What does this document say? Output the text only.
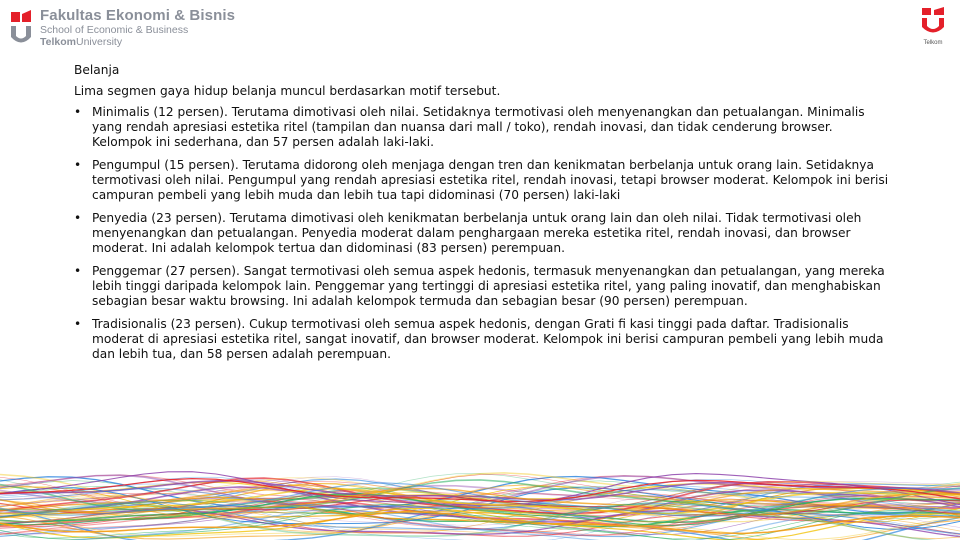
Fakultas Ekonomi & Bisnis
School of Economic & Business
TelkomUniversity	Telkom
Belanja
Lima segmen gaya hidup belanja muncul berdasarkan motif tersebut.
• Minimalis (12 persen). Terutama dimotivasi oleh nilai. Setidaknya termotivasi oleh menyenangkan dan petualangan. Minimalis yang rendah apresiasi estetika ritel (tampilan dan nuansa dari mall / toko), rendah inovasi, dan tidak cenderung browser. Kelompok ini sederhana, dan 57 persen adalah laki-laki.
• Pengumpul (15 persen). Terutama didorong oleh menjaga dengan tren dan kenikmatan berbelanja untuk orang lain. Setidaknya termotivasi oleh nilai. Pengumpul yang rendah apresiasi estetika ritel, rendah inovasi, tetapi browser moderat. Kelompok ini berisi campuran pembeli yang lebih muda dan lebih tua tapi didominasi (70 persen) laki-laki
• Penyedia (23 persen). Terutama dimotivasi oleh kenikmatan berbelanja untuk orang lain dan oleh nilai. Tidak termotivasi oleh menyenangkan dan petualangan. Penyedia moderat dalam penghargaan mereka estetika ritel, rendah inovasi, dan browser moderat. Ini adalah kelompok tertua dan didominasi (83 persen) perempuan.
• Penggemar (27 persen). Sangat termotivasi oleh semua aspek hedonis, termasuk menyenangkan dan petualangan, yang mereka lebih tinggi daripada kelompok lain. Penggemar yang tertinggi di apresiasi estetika ritel, yang paling inovatif, dan menghabiskan sebagian besar waktu browsing. Ini adalah kelompok termuda dan sebagian besar (90 persen) perempuan.
• Tradisionalis (23 persen). Cukup termotivasi oleh semua aspek hedonis, dengan Grati fi kasi tinggi pada daftar. Tradisionalis moderat di apresiasi estetika ritel, sangat inovatif, dan browser moderat. Kelompok ini berisi campuran pembeli yang lebih muda dan lebih tua, dan 58 persen adalah perempuan.
